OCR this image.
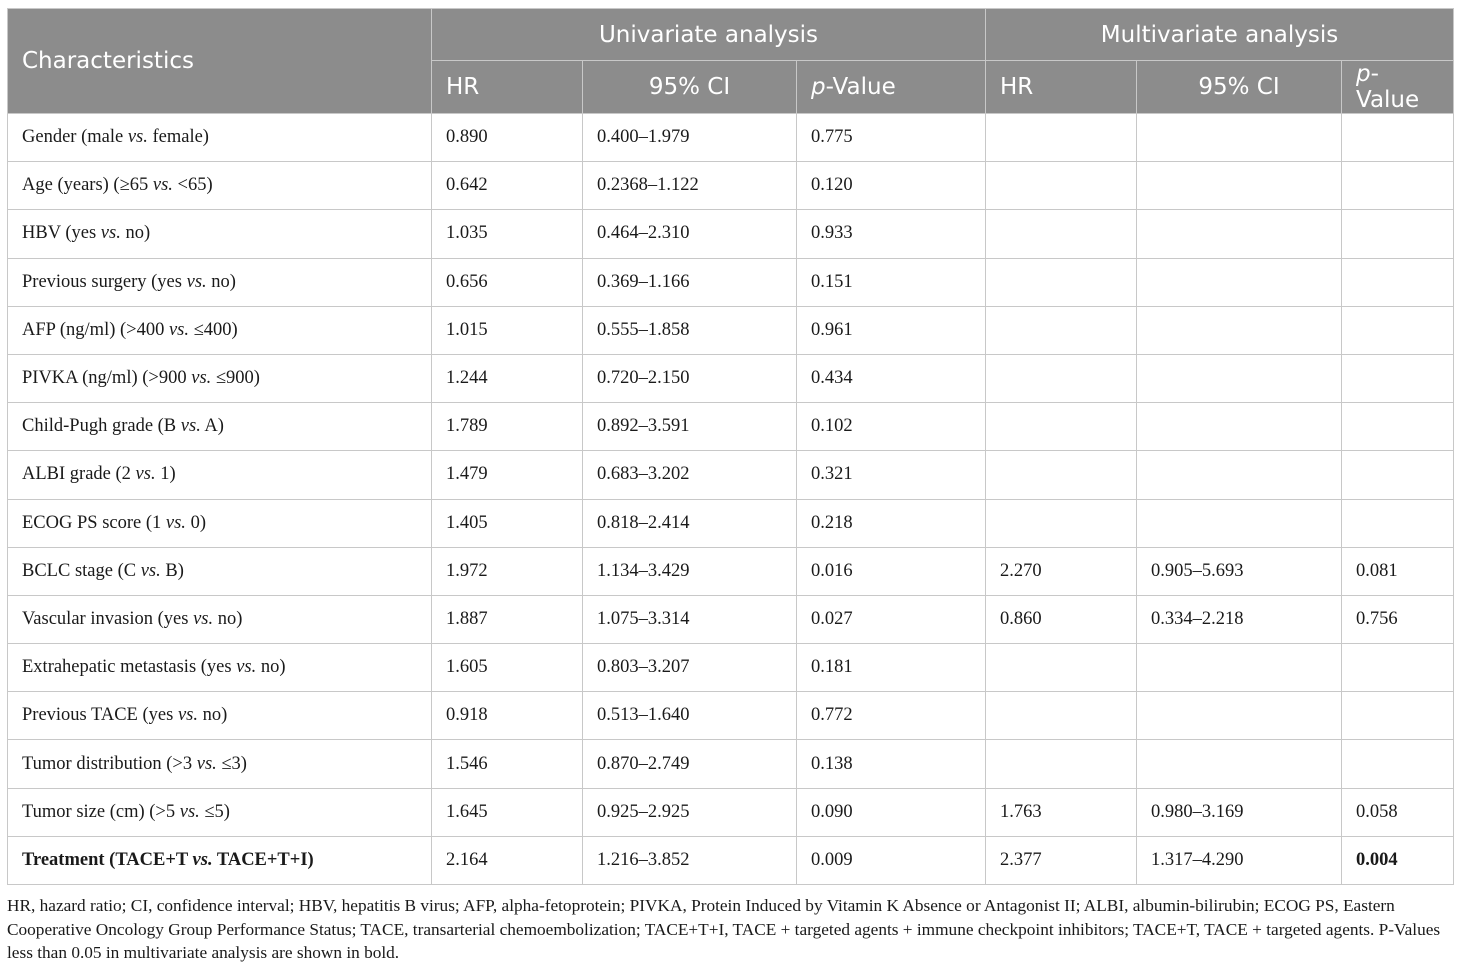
Characteristics	Univariate analysis			Multivariate analysis		
	HR	95% CI	p-Value	HR	95% CI	p-Value
Gender (male vs. female)	0.890	0.400–1.979	0.775			
Age (years) (≥65 vs. <65)	0.642	0.2368–1.122	0.120			
HBV (yes vs. no)	1.035	0.464–2.310	0.933			
Previous surgery (yes vs. no)	0.656	0.369–1.166	0.151			
AFP (ng/ml) (>400 vs. ≤400)	1.015	0.555–1.858	0.961			
PIVKA (ng/ml) (>900 vs. ≤900)	1.244	0.720–2.150	0.434			
Child-Pugh grade (B vs. A)	1.789	0.892–3.591	0.102			
ALBI grade (2 vs. 1)	1.479	0.683–3.202	0.321			
ECOG PS score (1 vs. 0)	1.405	0.818–2.414	0.218			
BCLC stage (C vs. B)	1.972	1.134–3.429	0.016	2.270	0.905–5.693	0.081
Vascular invasion (yes vs. no)	1.887	1.075–3.314	0.027	0.860	0.334–2.218	0.756
Extrahepatic metastasis (yes vs. no)	1.605	0.803–3.207	0.181			
Previous TACE (yes vs. no)	0.918	0.513–1.640	0.772			
Tumor distribution (>3 vs. ≤3)	1.546	0.870–2.749	0.138			
Tumor size (cm) (>5 vs. ≤5)	1.645	0.925–2.925	0.090	1.763	0.980–3.169	0.058
Treatment (TACE+T vs. TACE+T+I)	2.164	1.216–3.852	0.009	2.377	1.317–4.290	0.004
HR, hazard ratio; CI, confidence interval; HBV, hepatitis B virus; AFP, alpha-fetoprotein; PIVKA, Protein Induced by Vitamin K Absence or Antagonist II; ALBI, albumin-bilirubin; ECOG PS, Eastern Cooperative Oncology Group Performance Status; TACE, transarterial chemoembolization; TACE+T+I, TACE + targeted agents + immune checkpoint inhibitors; TACE+T, TACE + targeted agents. P-Values less than 0.05 in multivariate analysis are shown in bold.
